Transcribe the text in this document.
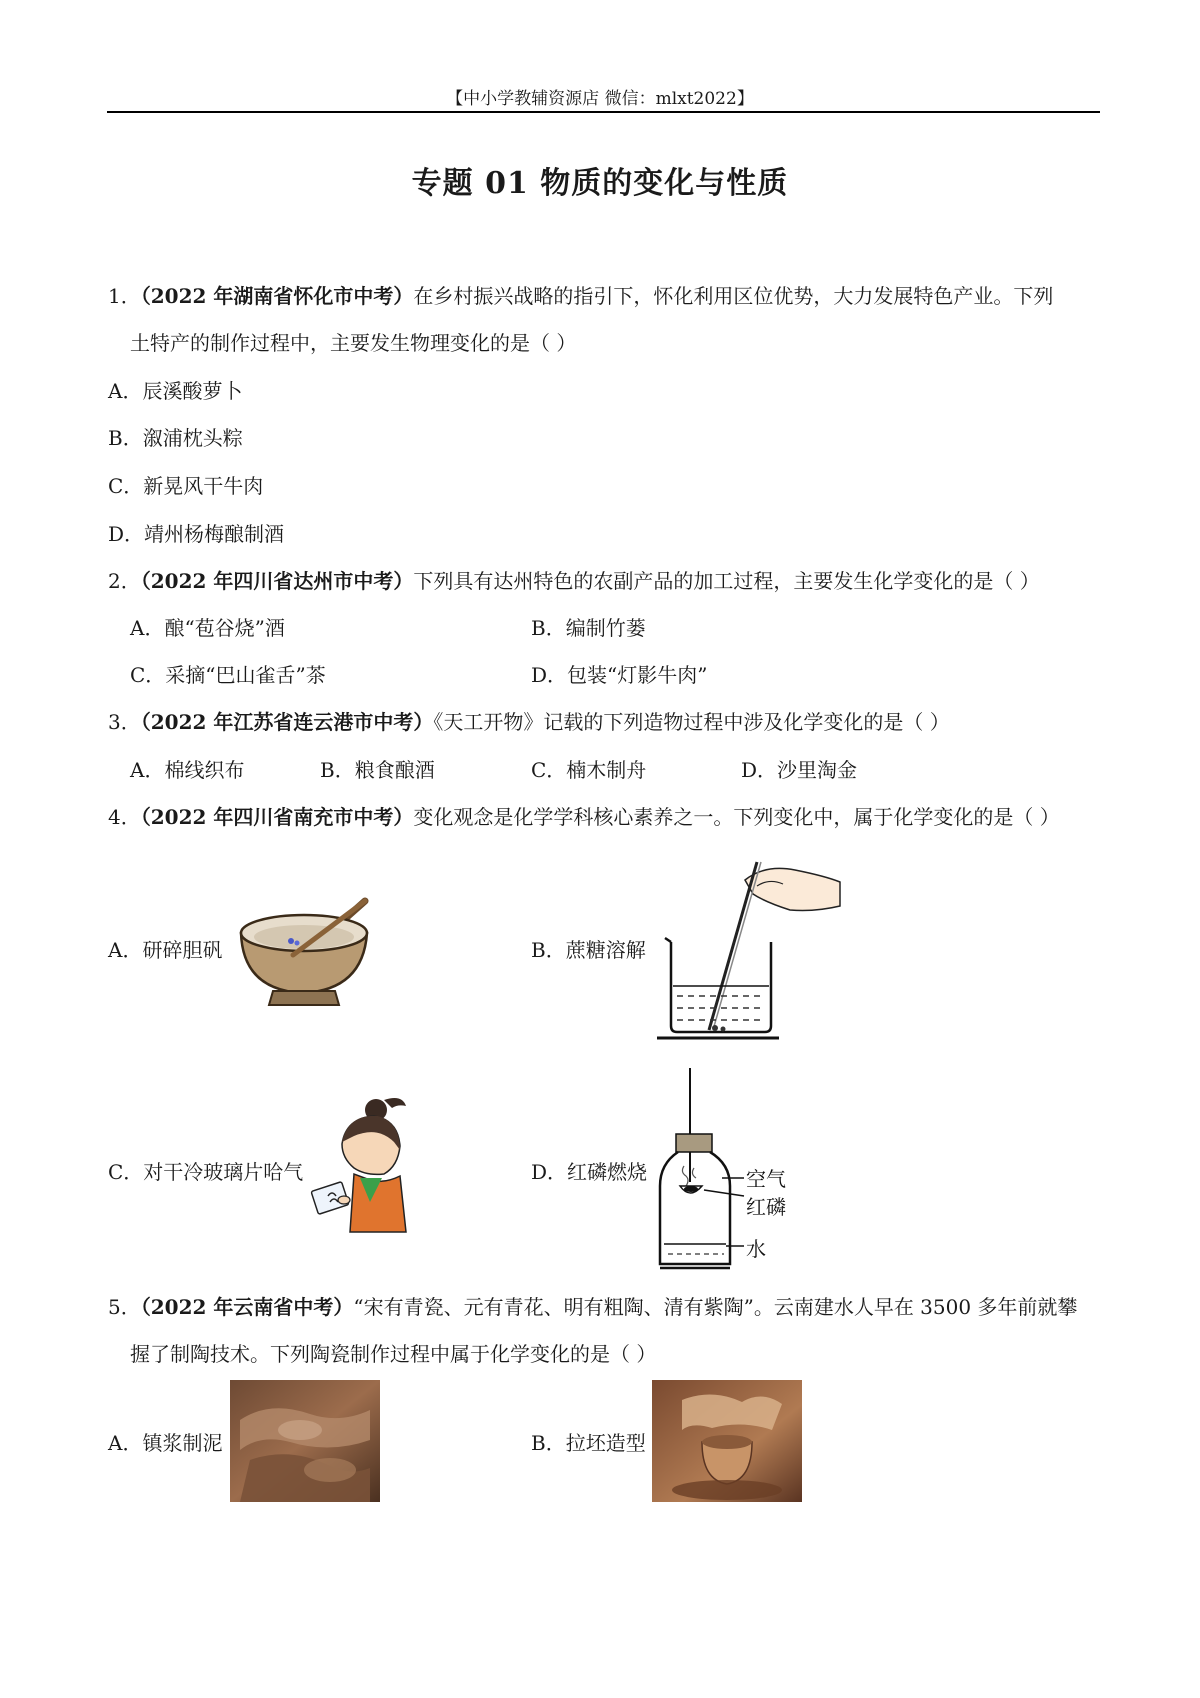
【中小学教辅资源店 微信：mlxt2022】
专题 01 物质的变化与性质
1．（2022 年湖南省怀化市中考）在乡村振兴战略的指引下，怀化利用区位优势，大力发展特色产业。下列
土特产的制作过程中，主要发生物理变化的是（ ）
A．辰溪酸萝卜
B．溆浦枕头粽
C．新晃风干牛肉
D．靖州杨梅酿制酒
2．（2022 年四川省达州市中考）下列具有达州特色的农副产品的加工过程，主要发生化学变化的是（ ）
A．酿“苞谷烧”酒	B．编制竹蒌
C．采摘“巴山雀舌”茶	D．包装“灯影牛肉”
3．（2022 年江苏省连云港市中考）《天工开物》记载的下列造物过程中涉及化学变化的是（ ）
A．棉线织布	B．粮食酿酒	C．楠木制舟	D．沙里淘金
4．（2022 年四川省南充市中考）变化观念是化学学科核心素养之一。下列变化中，属于化学变化的是（ ）
A．研碎胆矾	B．蔗糖溶解
C．对干冷玻璃片哈气	D．红磷燃烧	空气
红磷
水
5．（2022 年云南省中考）“宋有青瓷、元有青花、明有粗陶、清有紫陶”。云南建水人早在 3500 多年前就攀
握了制陶技术。下列陶瓷制作过程中属于化学变化的是（ ）
A．镇浆制泥	B．拉坯造型
